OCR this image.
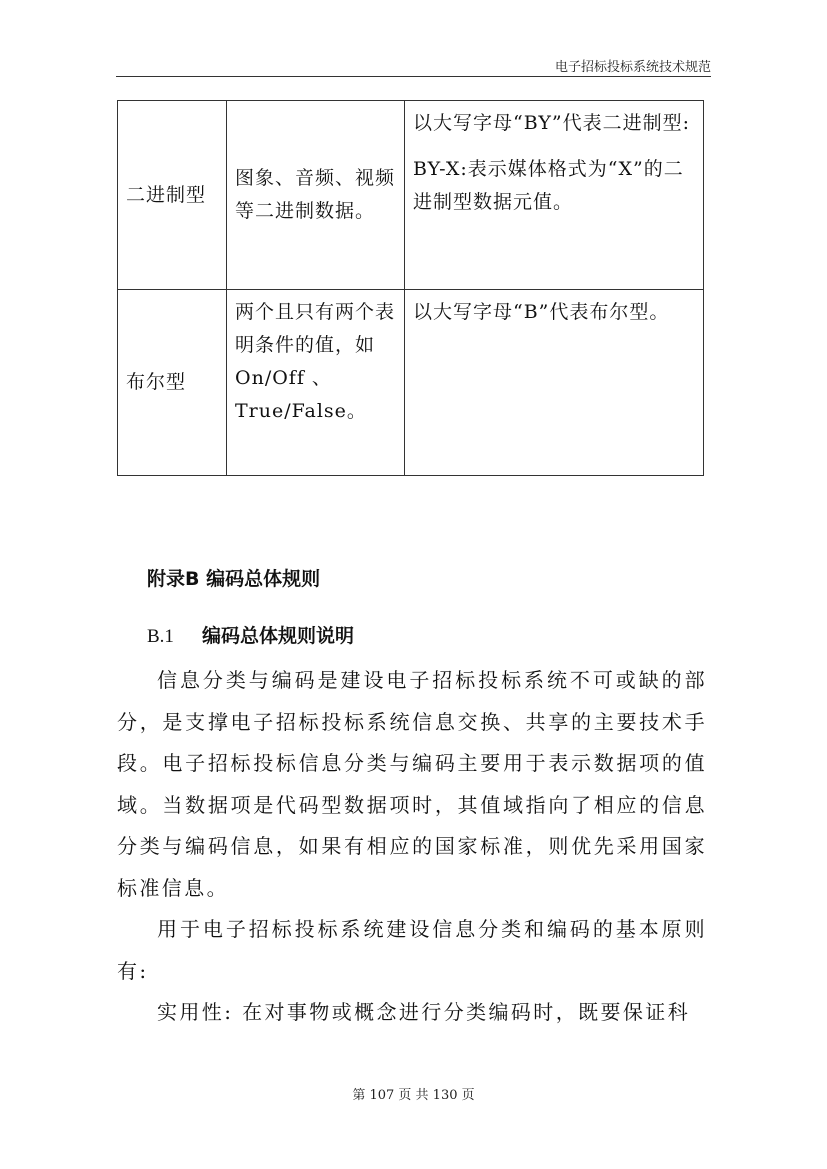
电子招标投标系统技术规范
二进制型	图象、音频、视频等二进制数据。	以大写字母“BY”代表二进制型:

BY-X:表示媒体格式为“X”的二进制型数据元值。

布尔型	两个且只有两个表明条件的值，如 On/Off 、True/False。	以大写字母“B”代表布尔型。

附录B 编码总体规则
B.1 编码总体规则说明

信息分类与编码是建设电子招标投标系统不可或缺的部分，是支撑电子招标投标系统信息交换、共享的主要技术手段。电子招标投标信息分类与编码主要用于表示数据项的值域。当数据项是代码型数据项时，其值域指向了相应的信息分类与编码信息，如果有相应的国家标准，则优先采用国家标准信息。

用于电子招标投标系统建设信息分类和编码的基本原则有:

实用性: 在对事物或概念进行分类编码时，既要保证科

第 107 页 共 130 页
